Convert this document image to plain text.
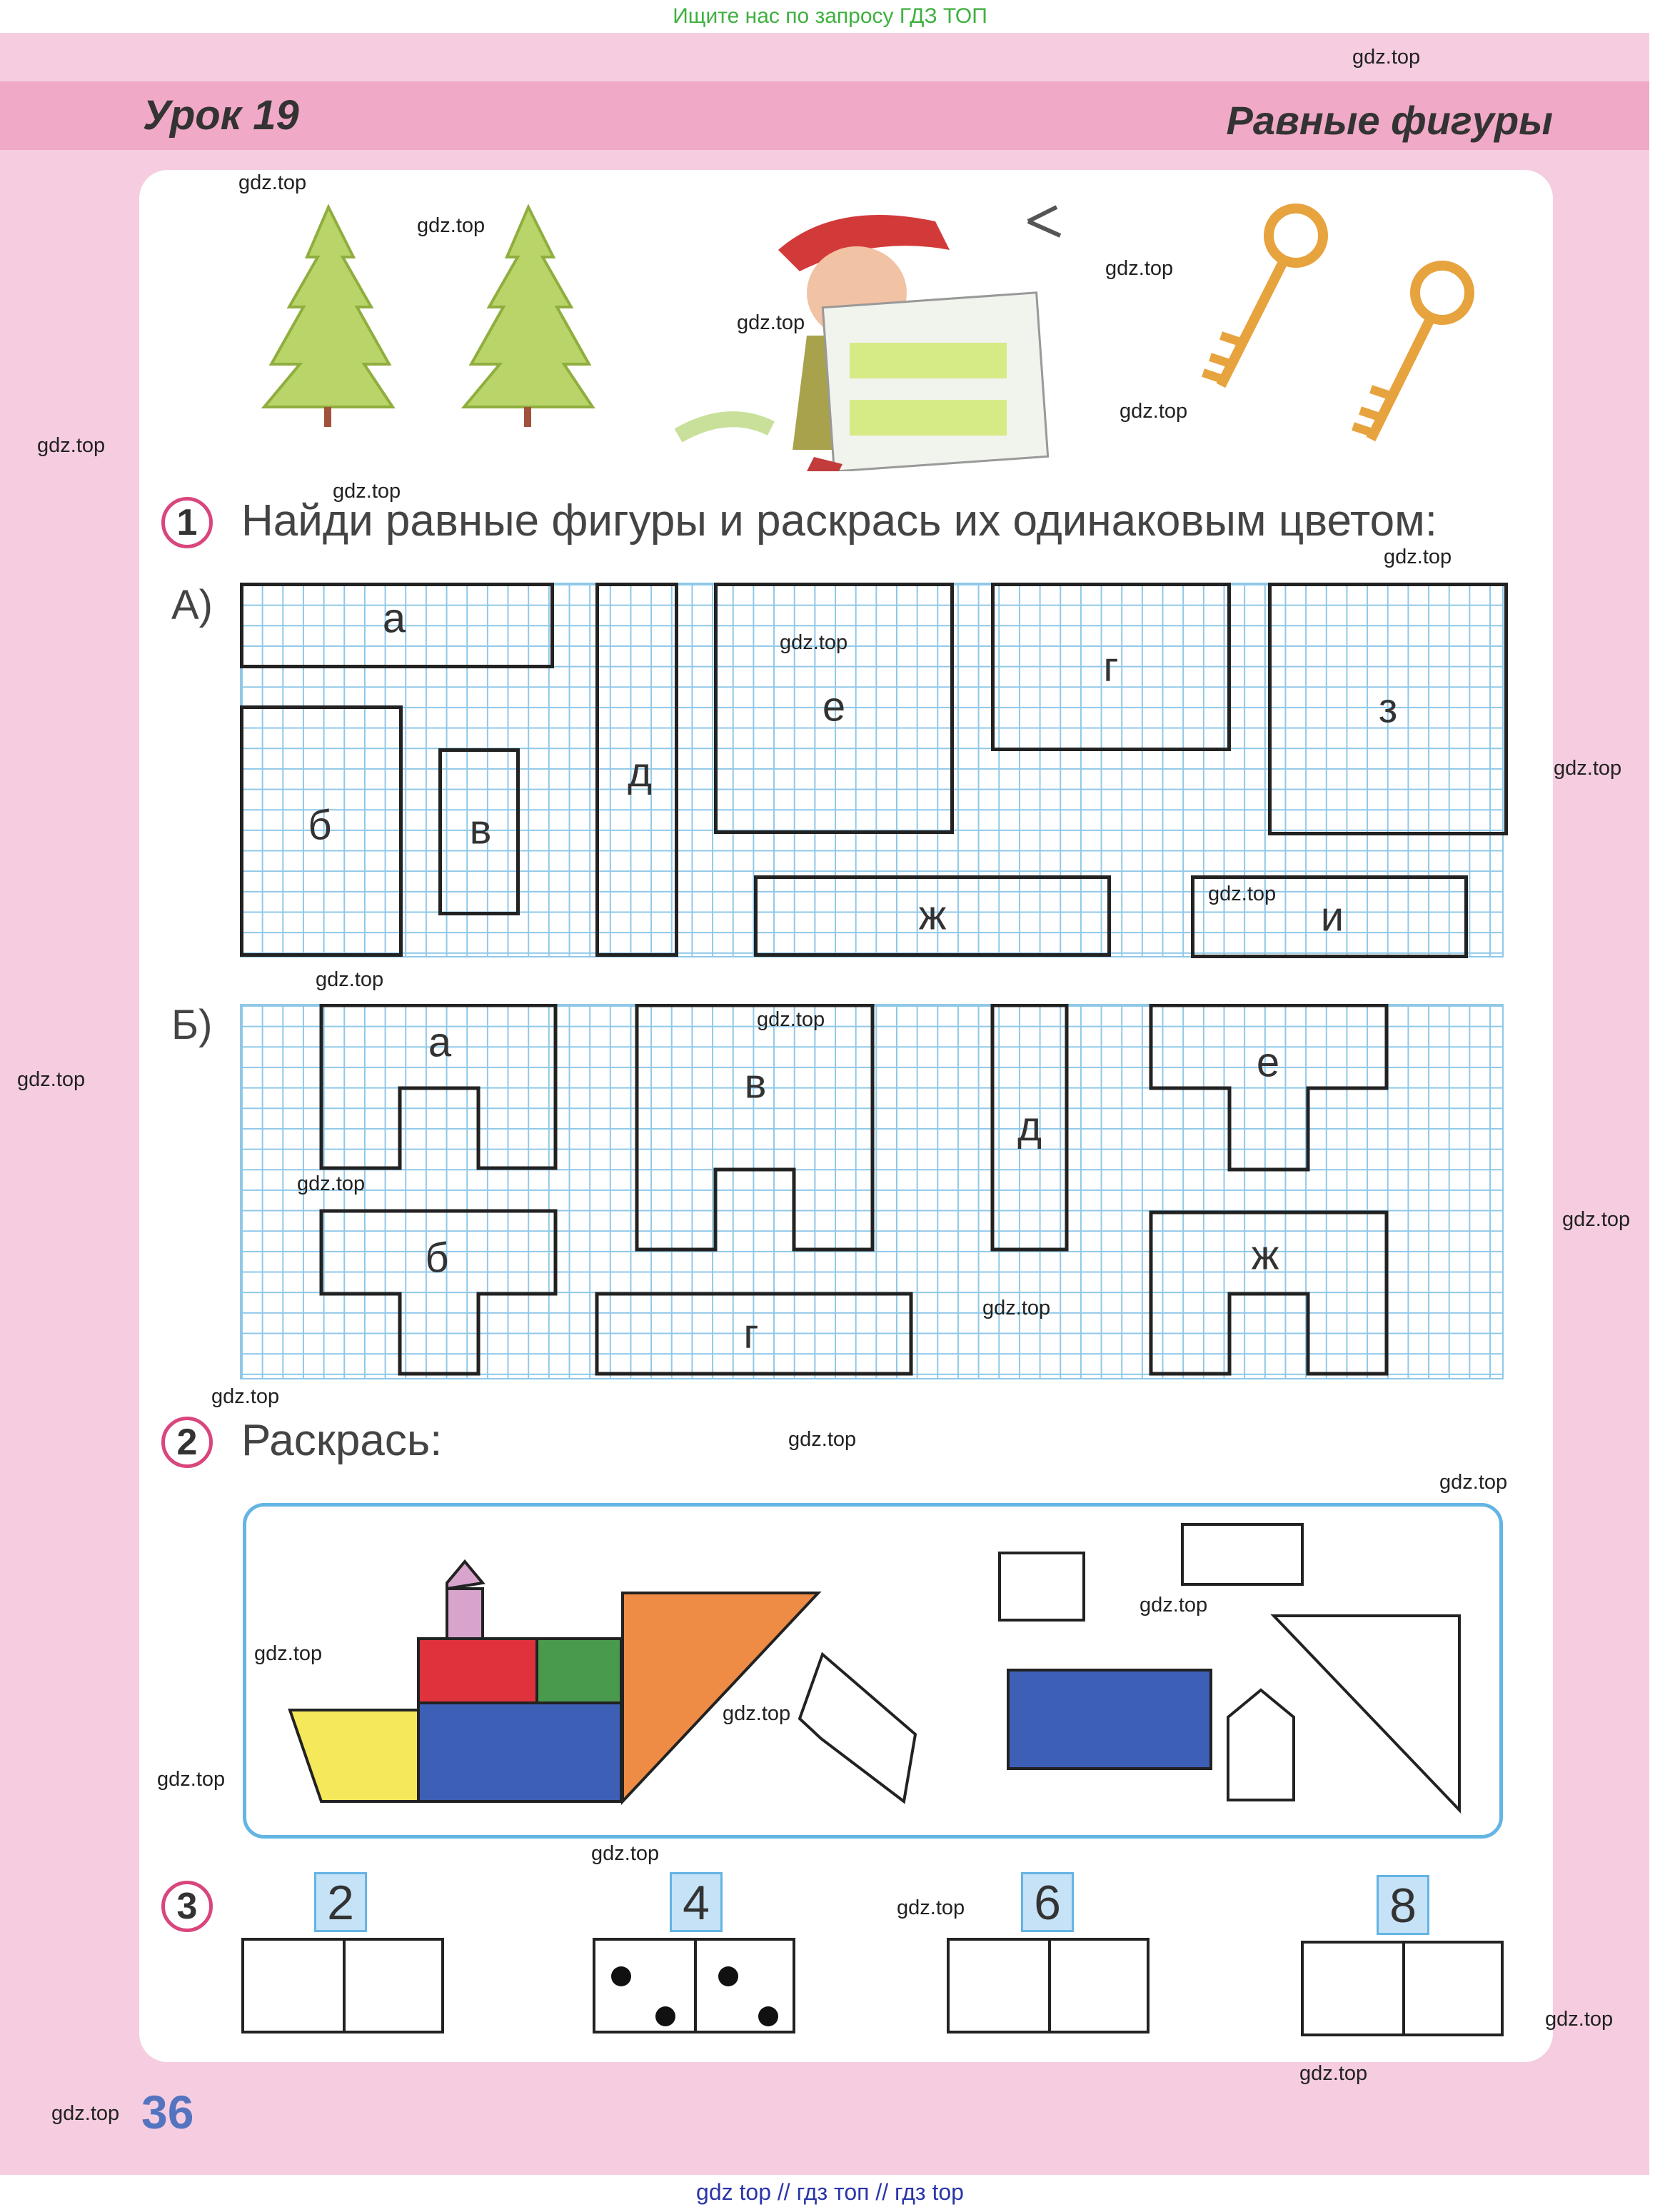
Ищите нас по запросу ГДЗ ТОП
Урок 19	Равные фигуры
1 Найди равные фигуры и раскрась их одинаковым цветом:
А)	а
б	в
д
е
ж
г
з
и
Б)	а
б
в
г
д
е
ж
2 Раскрась:
3	2	4	6	8
36
gdz.top
gdz.top
gdz.top
gdz.top
gdz.top
gdz.top
gdz.top
gdz.top
gdz.top
gdz.top
gdz.top
gdz.top
gdz.top
gdz.top
gdz.top
gdz.top
gdz.top
gdz.top
gdz.top
gdz.top
gdz.top
gdz.top
gdz.top
gdz.top
gdz.top
gdz.top
gdz.top
gdz.top
gdz.top
gdz.top
gdz top // гдз топ // гдз top
